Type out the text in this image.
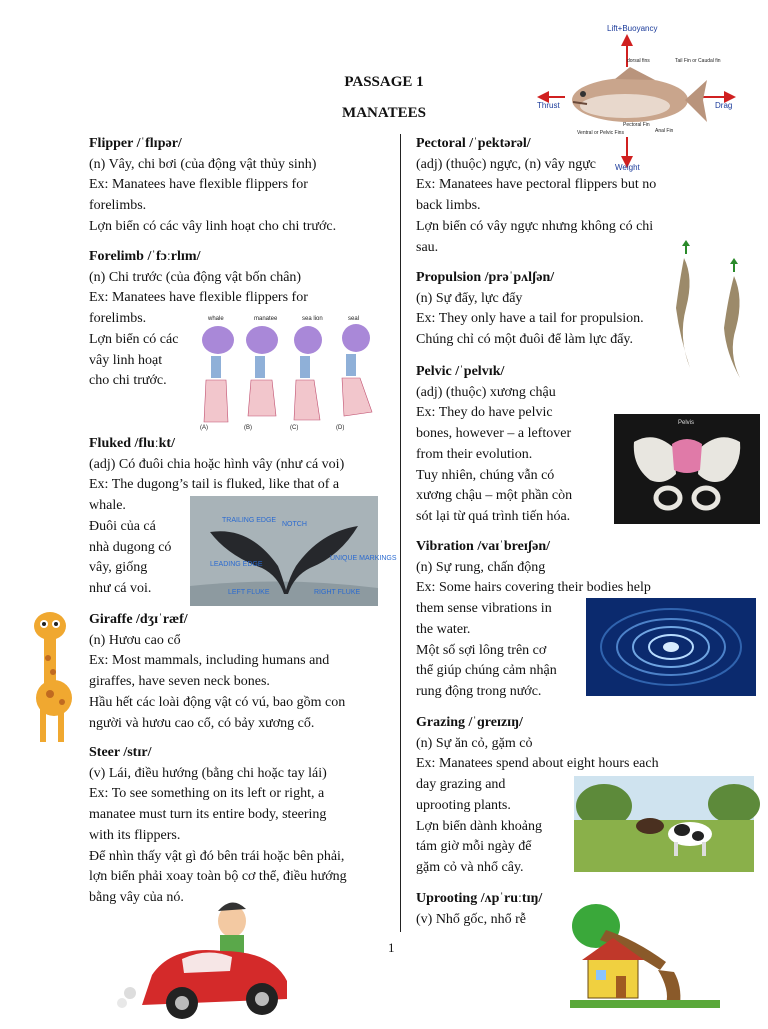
PASSAGE 1
MANATEES
Lift+Buoyancy
dorsal fins	Tail Fin or Caudal fin
Thrust	Drag
Ventral or Pelvic Fins
Pectoral Fin
Anal Fin
Weight
Flipper /ˈflɪpər/
(n) Vây, chi bơi (của động vật thủy sinh)
Ex: Manatees have flexible flippers for
forelimbs.
Lợn biển có các vây linh hoạt cho chi trước.
Forelimb /ˈfɔːrlɪm/
(n) Chi trước (của động vật bốn chân)
Ex: Manatees have flexible flippers for
forelimbs.
Lợn biển có các
vây linh hoạt
cho chi trước.
whale	manatee	sea lion	seal
(A)	(B)	(C)	(D)
Fluked /fluːkt/
(adj) Có đuôi chia hoặc hình vây (như cá voi)
Ex: The dugong’s tail is fluked, like that of a
whale.
Đuôi của cá
nhà dugong có
vây, giống
như cá voi.
TRAILING EDGE
NOTCH
LEADING EDGE
UNIQUE MARKINGS
LEFT FLUKE	RIGHT FLUKE
Giraffe /dʒɪˈræf/
(n) Hươu cao cổ
Ex: Most mammals, including humans and
giraffes, have seven neck bones.
Hầu hết các loài động vật có vú, bao gồm con
người và hươu cao cổ, có bảy xương cổ.
Steer /stɪr/
(v) Lái, điều hướng (bằng chi hoặc tay lái)
Ex: To see something on its left or right, a
manatee must turn its entire body, steering
with its flippers.
Để nhìn thấy vật gì đó bên trái hoặc bên phải,
lợn biển phải xoay toàn bộ cơ thể, điều hướng
bằng vây của nó.
Pectoral /ˈpektərəl/
(adj) (thuộc) ngực, (n) vây ngực
Ex: Manatees have pectoral flippers but no
back limbs.
Lợn biển có vây ngực nhưng không có chi
sau.
Propulsion /prəˈpʌlʃən/
(n) Sự đẩy, lực đẩy
Ex: They only have a tail for propulsion.
Chúng chỉ có một đuôi để làm lực đẩy.
Pelvic /ˈpelvɪk/
(adj) (thuộc) xương chậu
Ex: They do have pelvic
bones, however – a leftover
from their evolution.
Tuy nhiên, chúng vẫn có
xương chậu – một phần còn
sót lại từ quá trình tiến hóa.
Pelvis
Vibration /vaɪˈbreɪʃən/
(n) Sự rung, chấn động
Ex: Some hairs covering their bodies help
them sense vibrations in
the water.
Một số sợi lông trên cơ
thể giúp chúng cảm nhận
rung động trong nước.
Grazing /ˈɡreɪzɪŋ/
(n) Sự ăn cỏ, gặm cỏ
Ex: Manatees spend about eight hours each
day grazing and
uprooting plants.
Lợn biển dành khoảng
tám giờ mỗi ngày để
gặm cỏ và nhổ cây.
Uprooting /ʌpˈruːtɪŋ/
(v) Nhổ gốc, nhổ rễ
1
